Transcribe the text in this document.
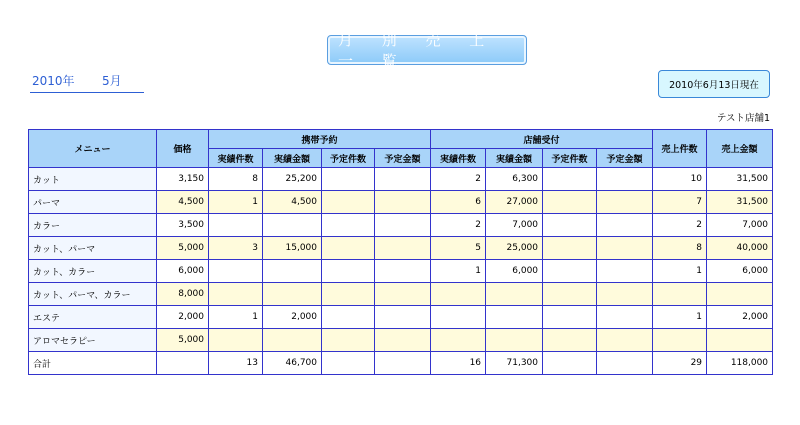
月 別 売 上 一 覧
2010年 5月	2010年6月13日現在
テスト店舗1
メニュー	価格	携帯予約				店舗受付				売上件数	売上金額
		実績件数	実績金額	予定件数	予定金額	実績件数	実績金額	予定件数	予定金額		
カット	3,150	8	25,200			2	6,300			10	31,500
パーマ	4,500	1	4,500			6	27,000			7	31,500
カラー	3,500					2	7,000			2	7,000
カット、パーマ	5,000	3	15,000			5	25,000			8	40,000
カット、カラー	6,000					1	6,000			1	6,000
カット、パーマ、カラー	8,000										
エステ	2,000	1	2,000							1	2,000
アロマセラピー	5,000										
合計		13	46,700			16	71,300			29	118,000
